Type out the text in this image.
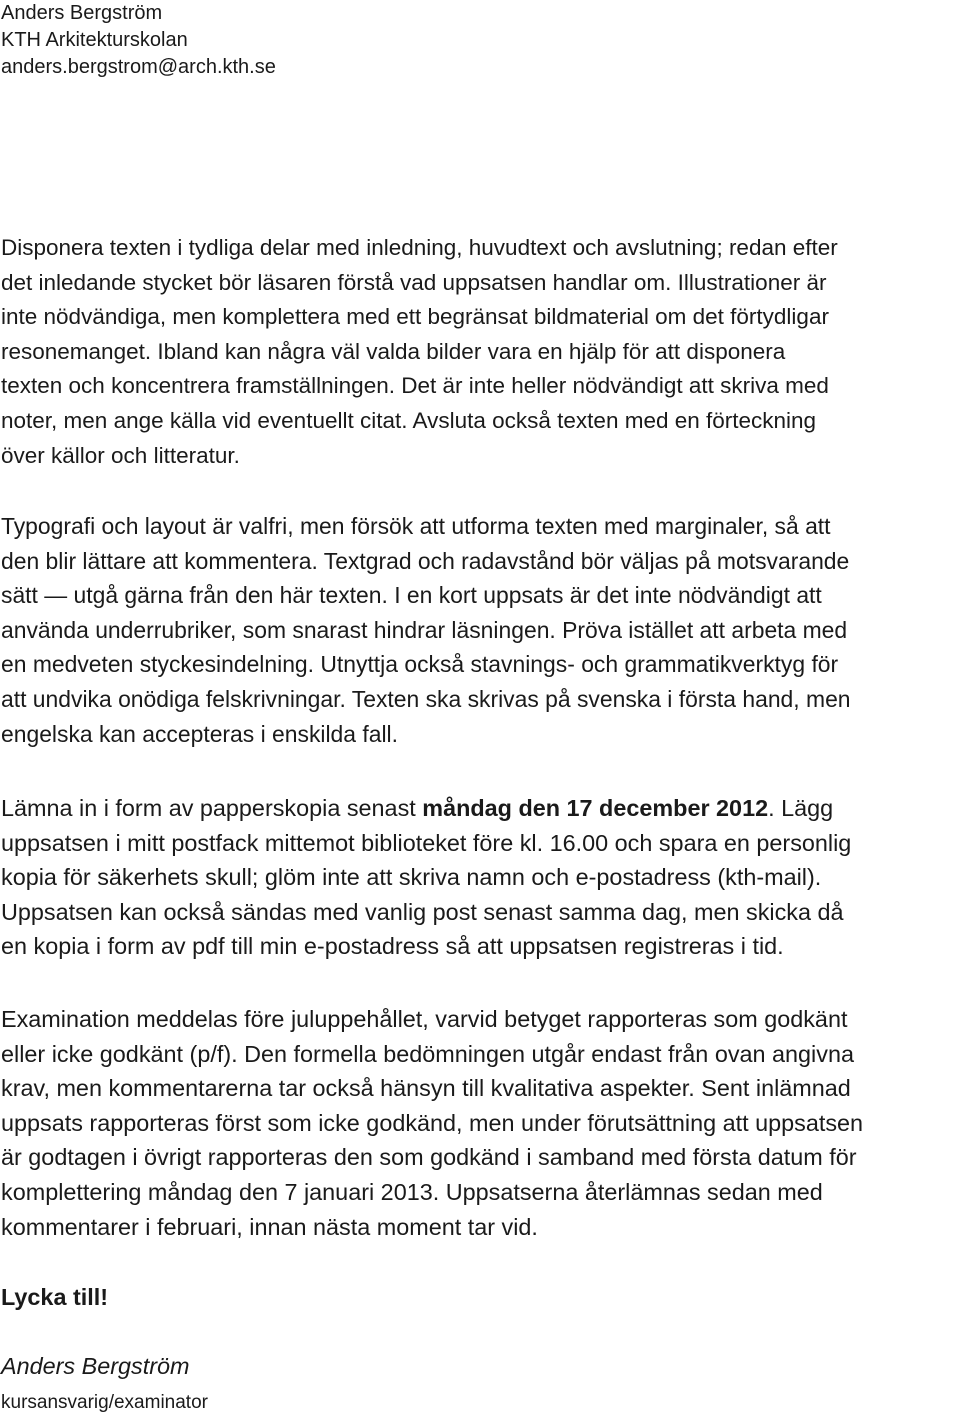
Anders Bergström
KTH Arkitekturskolan
anders.bergstrom@arch.kth.se

Disponera texten i tydliga delar med inledning, huvudtext och avslutning; redan efter
det inledande stycket bör läsaren förstå vad uppsatsen handlar om. Illustrationer är
inte nödvändiga, men komplettera med ett begränsat bildmaterial om det förtydligar
resonemanget. Ibland kan några väl valda bilder vara en hjälp för att disponera
texten och koncentrera framställningen. Det är inte heller nödvändigt att skriva med
noter, men ange källa vid eventuellt citat. Avsluta också texten med en förteckning
över källor och litteratur.

Typografi och layout är valfri, men försök att utforma texten med marginaler, så att
den blir lättare att kommentera. Textgrad och radavstånd bör väljas på motsvarande
sätt — utgå gärna från den här texten. I en kort uppsats är det inte nödvändigt att
använda underrubriker, som snarast hindrar läsningen. Pröva istället att arbeta med
en medveten styckesindelning. Utnyttja också stavnings- och grammatikverktyg för
att undvika onödiga felskrivningar. Texten ska skrivas på svenska i första hand, men
engelska kan accepteras i enskilda fall.

Lämna in i form av papperskopia senast måndag den 17 december 2012. Lägg
uppsatsen i mitt postfack mittemot biblioteket före kl. 16.00 och spara en personlig
kopia för säkerhets skull; glöm inte att skriva namn och e-postadress (kth-mail).
Uppsatsen kan också sändas med vanlig post senast samma dag, men skicka då
en kopia i form av pdf till min e-postadress så att uppsatsen registreras i tid.

Examination meddelas före juluppehållet, varvid betyget rapporteras som godkänt
eller icke godkänt (p/f). Den formella bedömningen utgår endast från ovan angivna
krav, men kommentarerna tar också hänsyn till kvalitativa aspekter. Sent inlämnad
uppsats rapporteras först som icke godkänd, men under förutsättning att uppsatsen
är godtagen i övrigt rapporteras den som godkänd i samband med första datum för
komplettering måndag den 7 januari 2013. Uppsatserna återlämnas sedan med
kommentarer i februari, innan nästa moment tar vid.

Lycka till!

Anders Bergström
kursansvarig/examinator
